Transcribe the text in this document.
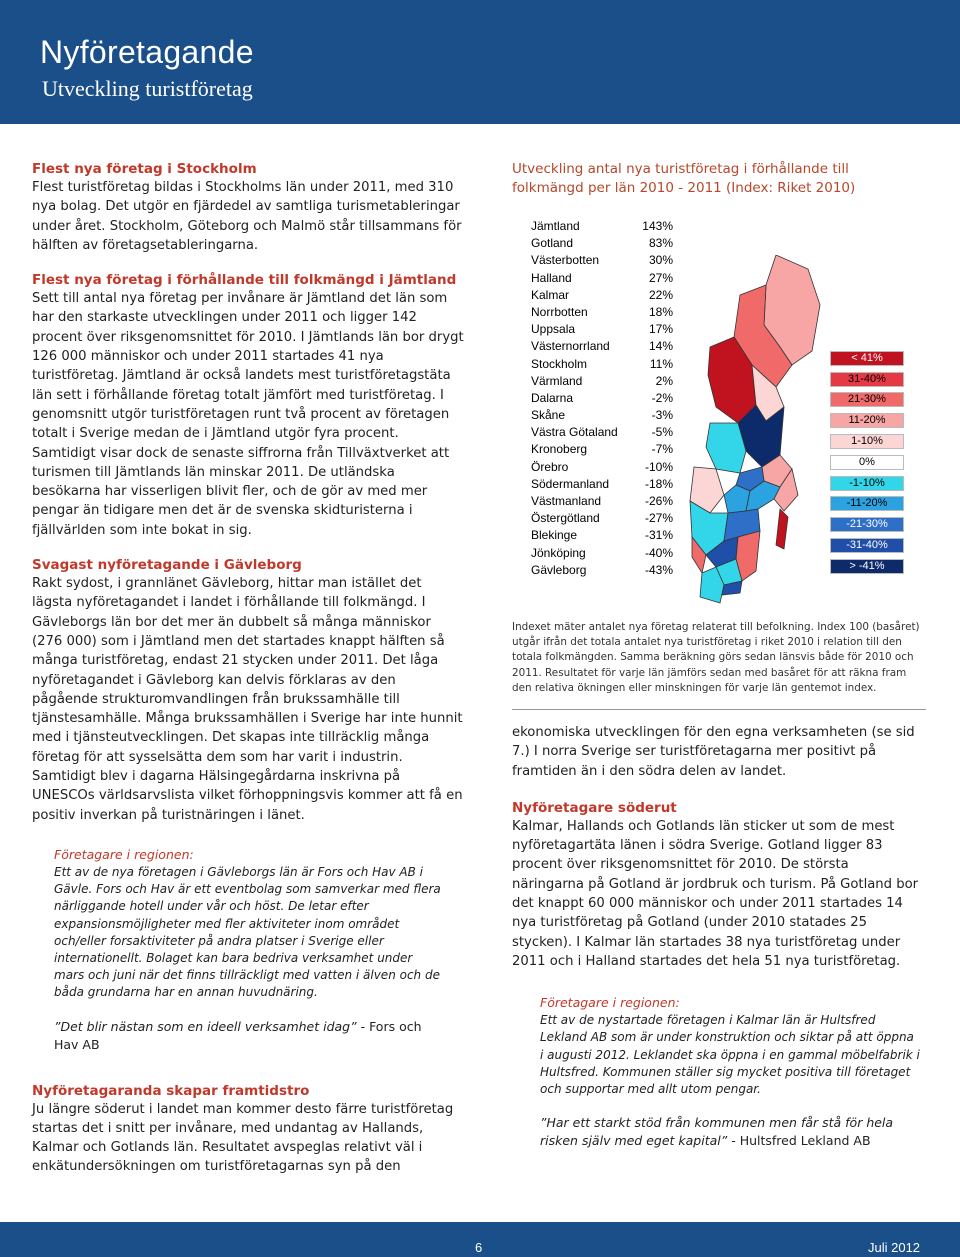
Nyföretagande
Utveckling turistföretag
Flest nya företag i Stockholm
Flest turistföretag bildas i Stockholms län under 2011, med 310 nya bolag. Det utgör en fjärdedel av samtliga turismetableringar under året. Stockholm, Göteborg och Malmö står tillsammans för hälften av företagsetableringarna.
Flest nya företag i förhållande till folkmängd i Jämtland
Sett till antal nya företag per invånare är Jämtland det län som har den starkaste utvecklingen under 2011 och ligger 142 procent över riksgenomsnittet för 2010. I Jämtlands län bor drygt 126 000 människor och under 2011 startades 41 nya turistföretag. Jämtland är också landets mest turistföretagstäta län sett i förhållande företag totalt jämfört med turistföretag. I genomsnitt utgör turistföretagen runt två procent av företagen totalt i Sverige medan de i Jämtland utgör fyra procent. Samtidigt visar dock de senaste siffrorna från Tillväxtverket att turismen till Jämtlands län minskar 2011. De utländska besökarna har visserligen blivit fler, och de gör av med mer pengar än tidigare men det är de svenska skidturisterna i fjällvärlden som inte bokat in sig.
Svagast nyföretagande i Gävleborg
Rakt sydost, i grannlänet Gävleborg, hittar man istället det lägsta nyföretagandet i landet i förhållande till folkmängd. I Gävleborgs län bor det mer än dubbelt så många människor (276 000) som i Jämtland men det startades knappt hälften så många turistföretag, endast 21 stycken under 2011. Det låga nyföretagandet i Gävleborg kan delvis förklaras av den pågående strukturomvandlingen från brukssamhälle till tjänstesamhälle. Många brukssamhällen i Sverige har inte hunnit med i tjänsteutvecklingen. Det skapas inte tillräcklig många företag för att sysselsätta dem som har varit i industrin. Samtidigt blev i dagarna Hälsingegårdarna inskrivna på UNESCOs världsarvslista vilket förhoppningsvis kommer att få en positiv inverkan på turistnäringen i länet.
Företagare i regionen:
Ett av de nya företagen i Gävleborgs län är Fors och Hav AB i Gävle. Fors och Hav är ett eventbolag som samverkar med flera närliggande hotell under vår och höst. De letar efter expansionsmöjligheter med fler aktiviteter inom området och/eller forsaktiviteter på andra platser i Sverige eller internationellt. Bolaget kan bara bedriva verksamhet under mars och juni när det finns tillräckligt med vatten i älven och de båda grundarna har en annan huvudnäring.
”Det blir nästan som en ideell verksamhet idag” - Fors och Hav AB
Nyföretagaranda skapar framtidstro
Ju längre söderut i landet man kommer desto färre turistföretag startas det i snitt per invånare, med undantag av Hallands, Kalmar och Gotlands län. Resultatet avspeglas relativt väl i enkätundersökningen om turistföretagarnas syn på den
Utveckling antal nya turistföretag i förhållande till
folkmängd per län 2010 - 2011 (Index: Riket 2010)
Jämtland	143%
Gotland	83%
Västerbotten	30%
Halland	27%
Kalmar	22%
Norrbotten	18%
Uppsala	17%
Västernorrland	14%
Stockholm	11%
Värmland	2%
Dalarna	-2%
Skåne	-3%
Västra Götaland	-5%
Kronoberg	-7%
Örebro	-10%
Södermanland	-18%
Västmanland	-26%
Östergötland	-27%
Blekinge	-31%
Jönköping	-40%
Gävleborg	-43%
< 41%
31-40%
21-30%
11-20%
1-10%
0%
-1-10%
-11-20%
-21-30%
-31-40%
> -41%
Indexet mäter antalet nya företag relaterat till befolkning. Index 100 (basåret) utgår ifrån det totala antalet nya turistföretag i riket 2010 i relation till den totala folkmängden. Samma beräkning görs sedan länsvis både för 2010 och 2011. Resultatet för varje län jämförs sedan med basåret för att räkna fram den relativa ökningen eller minskningen för varje län gentemot index.
ekonomiska utvecklingen för den egna verksamheten (se sid 7.) I norra Sverige ser turistföretagarna mer positivt på framtiden än i den södra delen av landet.
Nyföretagare söderut
Kalmar, Hallands och Gotlands län sticker ut som de mest nyföretagartäta länen i södra Sverige. Gotland ligger 83 procent över riksgenomsnittet för 2010. De största näringarna på Gotland är jordbruk och turism. På Gotland bor det knappt 60 000 människor och under 2011 startades 14 nya turistföretag på Gotland (under 2010 statades 25 stycken). I Kalmar län startades 38 nya turistföretag under 2011 och i Halland startades det hela 51 nya turistföretag.
Företagare i regionen:
Ett av de nystartade företagen i Kalmar län är Hultsfred Lekland AB som är under konstruktion och siktar på att öppna i augusti 2012. Leklandet ska öppna i en gammal möbelfabrik i Hultsfred. Kommunen ställer sig mycket positiva till företaget och supportar med allt utom pengar.
”Har ett starkt stöd från kommunen men får stå för hela risken själv med eget kapital” - Hultsfred Lekland AB
6	Juli 2012
